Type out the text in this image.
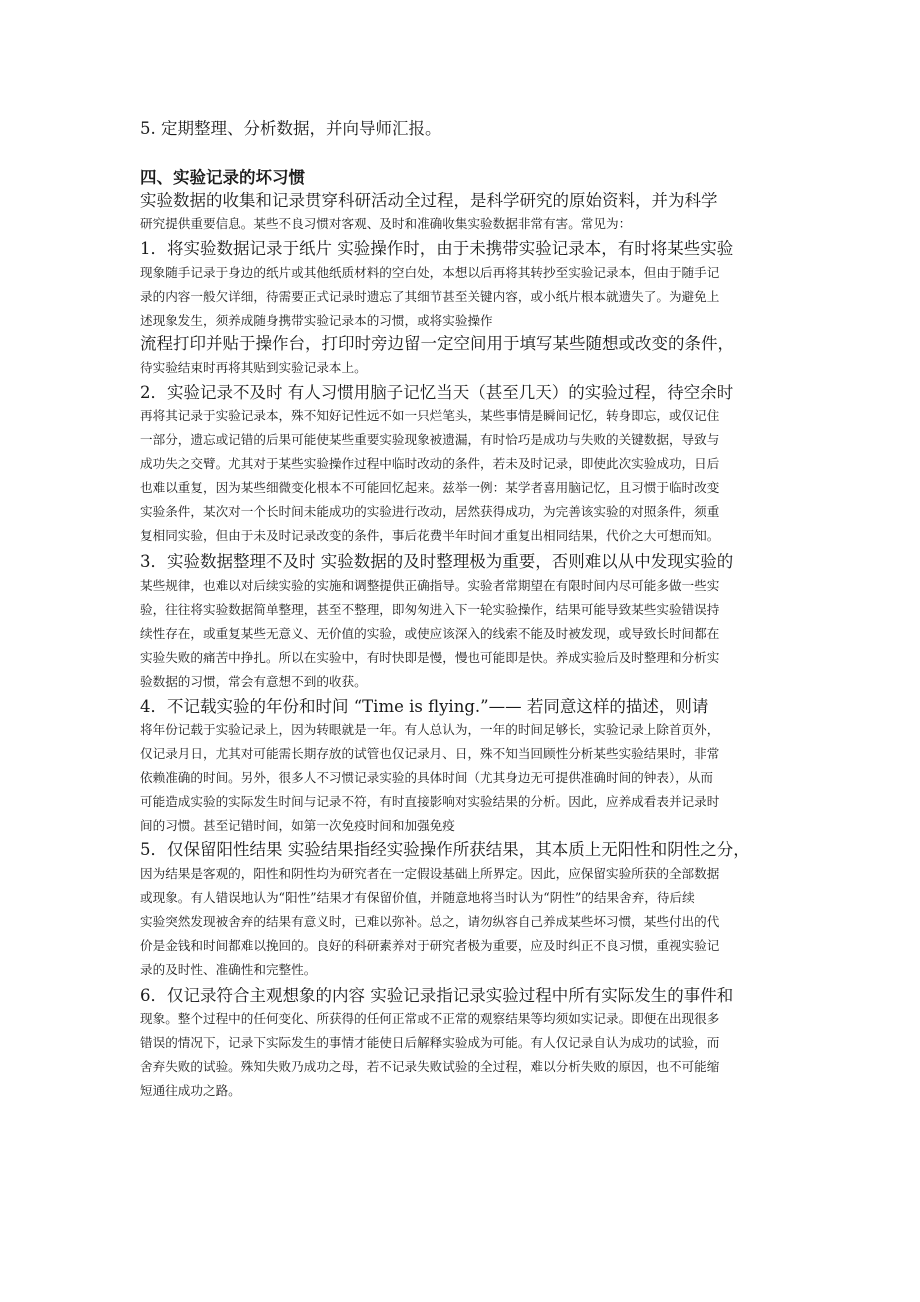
5. 定期整理、分析数据，并向导师汇报。
四、实验记录的坏习惯
实验数据的收集和记录贯穿科研活动全过程，是科学研究的原始资料，并为科学
研究提供重要信息。某些不良习惯对客观、及时和准确收集实验数据非常有害。常见为：
1．将实验数据记录于纸片 实验操作时，由于未携带实验记录本，有时将某些实验
现象随手记录于身边的纸片或其他纸质材料的空白处，本想以后再将其转抄至实验记录本，但由于随手记
录的内容一般欠详细，待需要正式记录时遗忘了其细节甚至关键内容，或小纸片根本就遗失了。为避免上
述现象发生，须养成随身携带实验记录本的习惯，或将实验操作
流程打印并贴于操作台，打印时旁边留一定空间用于填写某些随想或改变的条件，
待实验结束时再将其贴到实验记录本上。
2．实验记录不及时 有人习惯用脑子记忆当天（甚至几天）的实验过程，待空余时
再将其记录于实验记录本，殊不知好记性远不如一只烂笔头，某些事情是瞬间记忆，转身即忘，或仅记住
一部分，遗忘或记错的后果可能使某些重要实验现象被遗漏，有时恰巧是成功与失败的关键数据，导致与
成功失之交臂。尤其对于某些实验操作过程中临时改动的条件，若未及时记录，即使此次实验成功，日后
也难以重复，因为某些细微变化根本不可能回忆起来。兹举一例：某学者喜用脑记忆，且习惯于临时改变
实验条件，某次对一个长时间未能成功的实验进行改动，居然获得成功，为完善该实验的对照条件，须重
复相同实验，但由于未及时记录改变的条件，事后花费半年时间才重复出相同结果，代价之大可想而知。
3．实验数据整理不及时 实验数据的及时整理极为重要，否则难以从中发现实验的
某些规律，也难以对后续实验的实施和调整提供正确指导。实验者常期望在有限时间内尽可能多做一些实
验，往往将实验数据简单整理，甚至不整理，即匆匆进入下一轮实验操作，结果可能导致某些实验错误持
续性存在，或重复某些无意义、无价值的实验，或使应该深入的线索不能及时被发现，或导致长时间都在
实验失败的痛苦中挣扎。所以在实验中，有时快即是慢，慢也可能即是快。养成实验后及时整理和分析实
验数据的习惯，常会有意想不到的收获。
4．不记载实验的年份和时间 “Time is flying.”—— 若同意这样的描述，则请
将年份记载于实验记录上，因为转眼就是一年。有人总认为，一年的时间足够长，实验记录上除首页外，
仅记录月日，尤其对可能需长期存放的试管也仅记录月、日，殊不知当回顾性分析某些实验结果时，非常
依赖准确的时间。另外，很多人不习惯记录实验的具体时间（尤其身边无可提供准确时间的钟表），从而
可能造成实验的实际发生时间与记录不符，有时直接影响对实验结果的分析。因此，应养成看表并记录时
间的习惯。甚至记错时间，如第一次免疫时间和加强免疫
5．仅保留阳性结果 实验结果指经实验操作所获结果，其本质上无阳性和阴性之分，
因为结果是客观的，阳性和阴性均为研究者在一定假设基础上所界定。因此，应保留实验所获的全部数据
或现象。有人错误地认为“阳性”结果才有保留价值，并随意地将当时认为“阴性”的结果舍弃，待后续
实验突然发现被舍弃的结果有意义时，已难以弥补。总之，请勿纵容自己养成某些坏习惯，某些付出的代
价是金钱和时间都难以挽回的。良好的科研素养对于研究者极为重要，应及时纠正不良习惯，重视实验记
录的及时性、准确性和完整性。
6．仅记录符合主观想象的内容 实验记录指记录实验过程中所有实际发生的事件和
现象。整个过程中的任何变化、所获得的任何正常或不正常的观察结果等均须如实记录。即便在出现很多
错误的情况下，记录下实际发生的事情才能使日后解释实验成为可能。有人仅记录自认为成功的试验，而
舍弃失败的试验。殊知失败乃成功之母，若不记录失败试验的全过程，难以分析失败的原因，也不可能缩
短通往成功之路。
